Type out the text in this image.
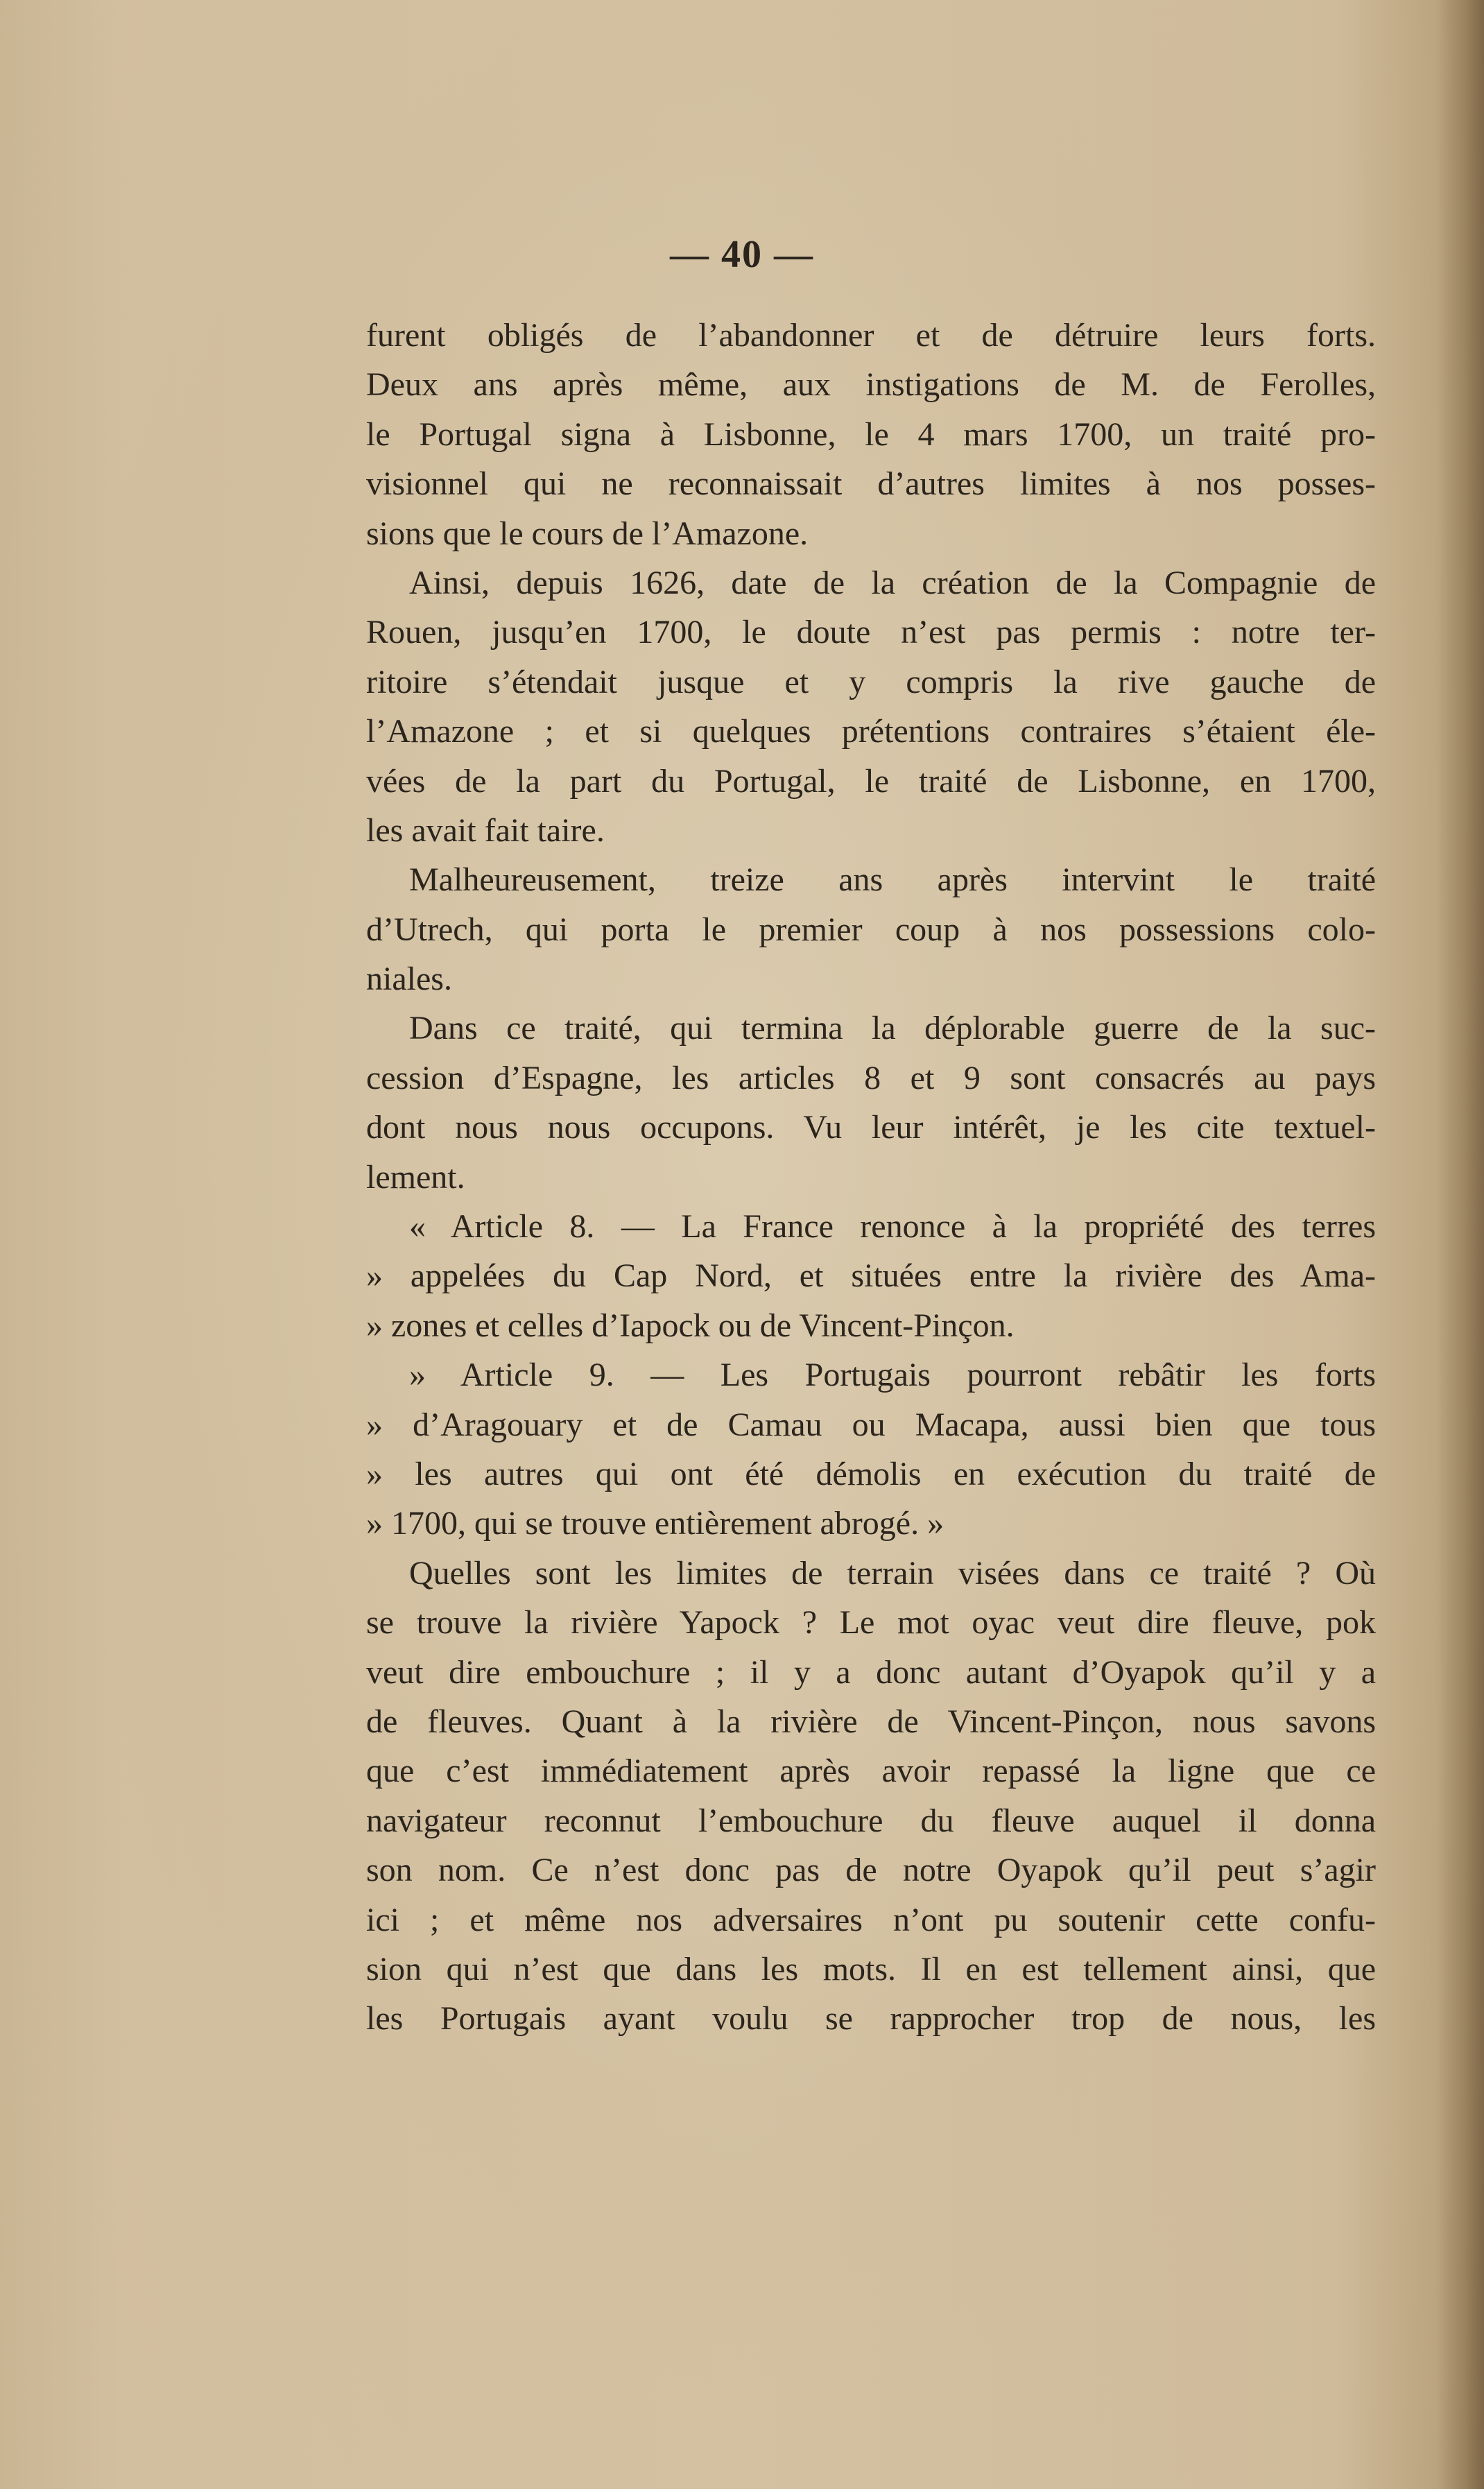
— 40 —
furent obligés de l’abandonner et de détruire leurs forts.
Deux ans après même, aux instigations de M. de Ferolles,
le Portugal signa à Lisbonne, le 4 mars 1700, un traité pro-
visionnel qui ne reconnaissait d’autres limites à nos posses-
sions que le cours de l’Amazone.
Ainsi, depuis 1626, date de la création de la Compagnie de
Rouen, jusqu’en 1700, le doute n’est pas permis : notre ter-
ritoire s’étendait jusque et y compris la rive gauche de
l’Amazone ; et si quelques prétentions contraires s’étaient éle-
vées de la part du Portugal, le traité de Lisbonne, en 1700,
les avait fait taire.
Malheureusement, treize ans après intervint le traité
d’Utrech, qui porta le premier coup à nos possessions colo-
niales.
Dans ce traité, qui termina la déplorable guerre de la suc-
cession d’Espagne, les articles 8 et 9 sont consacrés au pays
dont nous nous occupons. Vu leur intérêt, je les cite textuel-
lement.
« Article 8. — La France renonce à la propriété des terres
» appelées du Cap Nord, et situées entre la rivière des Ama-
» zones et celles d’Iapock ou de Vincent-Pinçon.
» Article 9. — Les Portugais pourront rebâtir les forts
» d’Aragouary et de Camau ou Macapa, aussi bien que tous
» les autres qui ont été démolis en exécution du traité de
» 1700, qui se trouve entièrement abrogé. »
Quelles sont les limites de terrain visées dans ce traité ? Où
se trouve la rivière Yapock ? Le mot oyac veut dire fleuve, pok
veut dire embouchure ; il y a donc autant d’Oyapok qu’il y a
de fleuves. Quant à la rivière de Vincent-Pinçon, nous savons
que c’est immédiatement après avoir repassé la ligne que ce
navigateur reconnut l’embouchure du fleuve auquel il donna
son nom. Ce n’est donc pas de notre Oyapok qu’il peut s’agir
ici ; et même nos adversaires n’ont pu soutenir cette confu-
sion qui n’est que dans les mots. Il en est tellement ainsi, que
les Portugais ayant voulu se rapprocher trop de nous, les
